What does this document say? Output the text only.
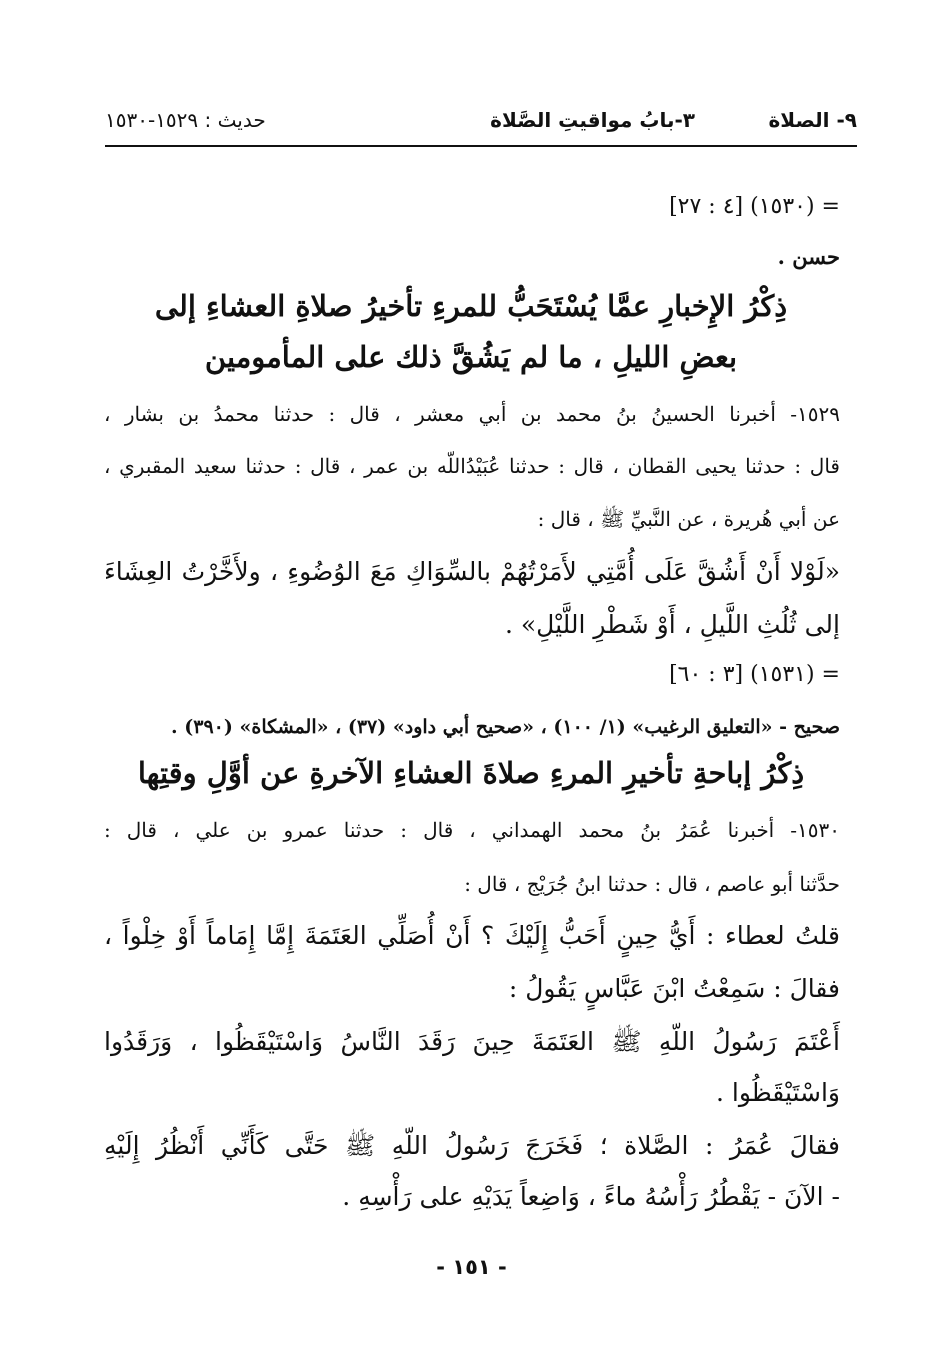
٩- الصلاة
٣-بابُ مواقيتِ الصَّلاة
حديث : ١٥٢٩-١٥٣٠
= (١٥٣٠) [٤ : ٢٧]
حسن .
ذِكْرُ الإِخبارِ عمَّا يُسْتَحَبُّ للمرءِ تأخيرُ صلاةِ العشاءِ إلى
بعضِ الليلِ ، ما لم يَشُقَّ ذلك على المأمومين
١٥٢٩- أخبرنا الحسينُ بنُ محمد بن أبي معشر ، قال : حدثنا محمدُ بن بشار ،
قال : حدثنا يحيى القطان ، قال : حدثنا عُبَيْدُاللّه بن عمر ، قال : حدثنا سعيد المقبري ،
عن أبي هُريرة ، عن النَّبيِّ ﷺ ، قال :
«لَوْلا أَنْ أَشُقَّ عَلَى أُمَّتِي لأَمَرْتُهُمْ بالسِّوَاكِ مَعَ الوُضُوءِ ، ولأَخَّرْتُ العِشَاءَ
إلى ثُلُثِ اللَّيلِ ، أَوْ شَطْرِ اللَّيْلِ» .
= (١٥٣١) [٣ : ٦٠]
صحيح - «التعليق الرغيب» (١/ ١٠٠) ، «صحيح أبي داود» (٣٧) ، «المشكاة» (٣٩٠) .
ذِكْرُ إباحةِ تأخيرِ المرءِ صلاةَ العشاءِ الآخرةِ عن أوَّلِ وقتِها
١٥٣٠- أخبرنا عُمَرُ بنُ محمد الهمداني ، قال : حدثنا عمرو بن علي ، قال :
حدَّثنا أبو عاصم ، قال : حدثنا ابنُ جُرَيْج ، قال :
قلتُ لعطاء : أَيُّ حِينٍ أَحَبُّ إِلَيْكَ ؟ أَنْ أُصَلِّي العَتَمَةَ إِمَّا إِمَاماً أَوْ خِلْواً ،
فقالَ : سَمِعْتُ ابْنَ عَبَّاسٍ يَقُولُ :
أَعْتَمَ رَسُولُ اللّهِ ﷺ العَتَمَةَ حِينَ رَقَدَ النَّاسُ وَاسْتَيْقَظُوا ، وَرَقَدُوا
وَاسْتَيْقَظُوا .
فقالَ عُمَرُ : الصَّلاة ؛ فَخَرَجَ رَسُولُ اللّهِ ﷺ حَتَّى كَأَنِّي أَنْظُرُ إِلَيْهِ
- الآنَ - يَقْطُرُ رَأْسُهُ ماءً ، وَاضِعاً يَدَيْهِ على رَأْسِهِ .
- ١٥١ -
